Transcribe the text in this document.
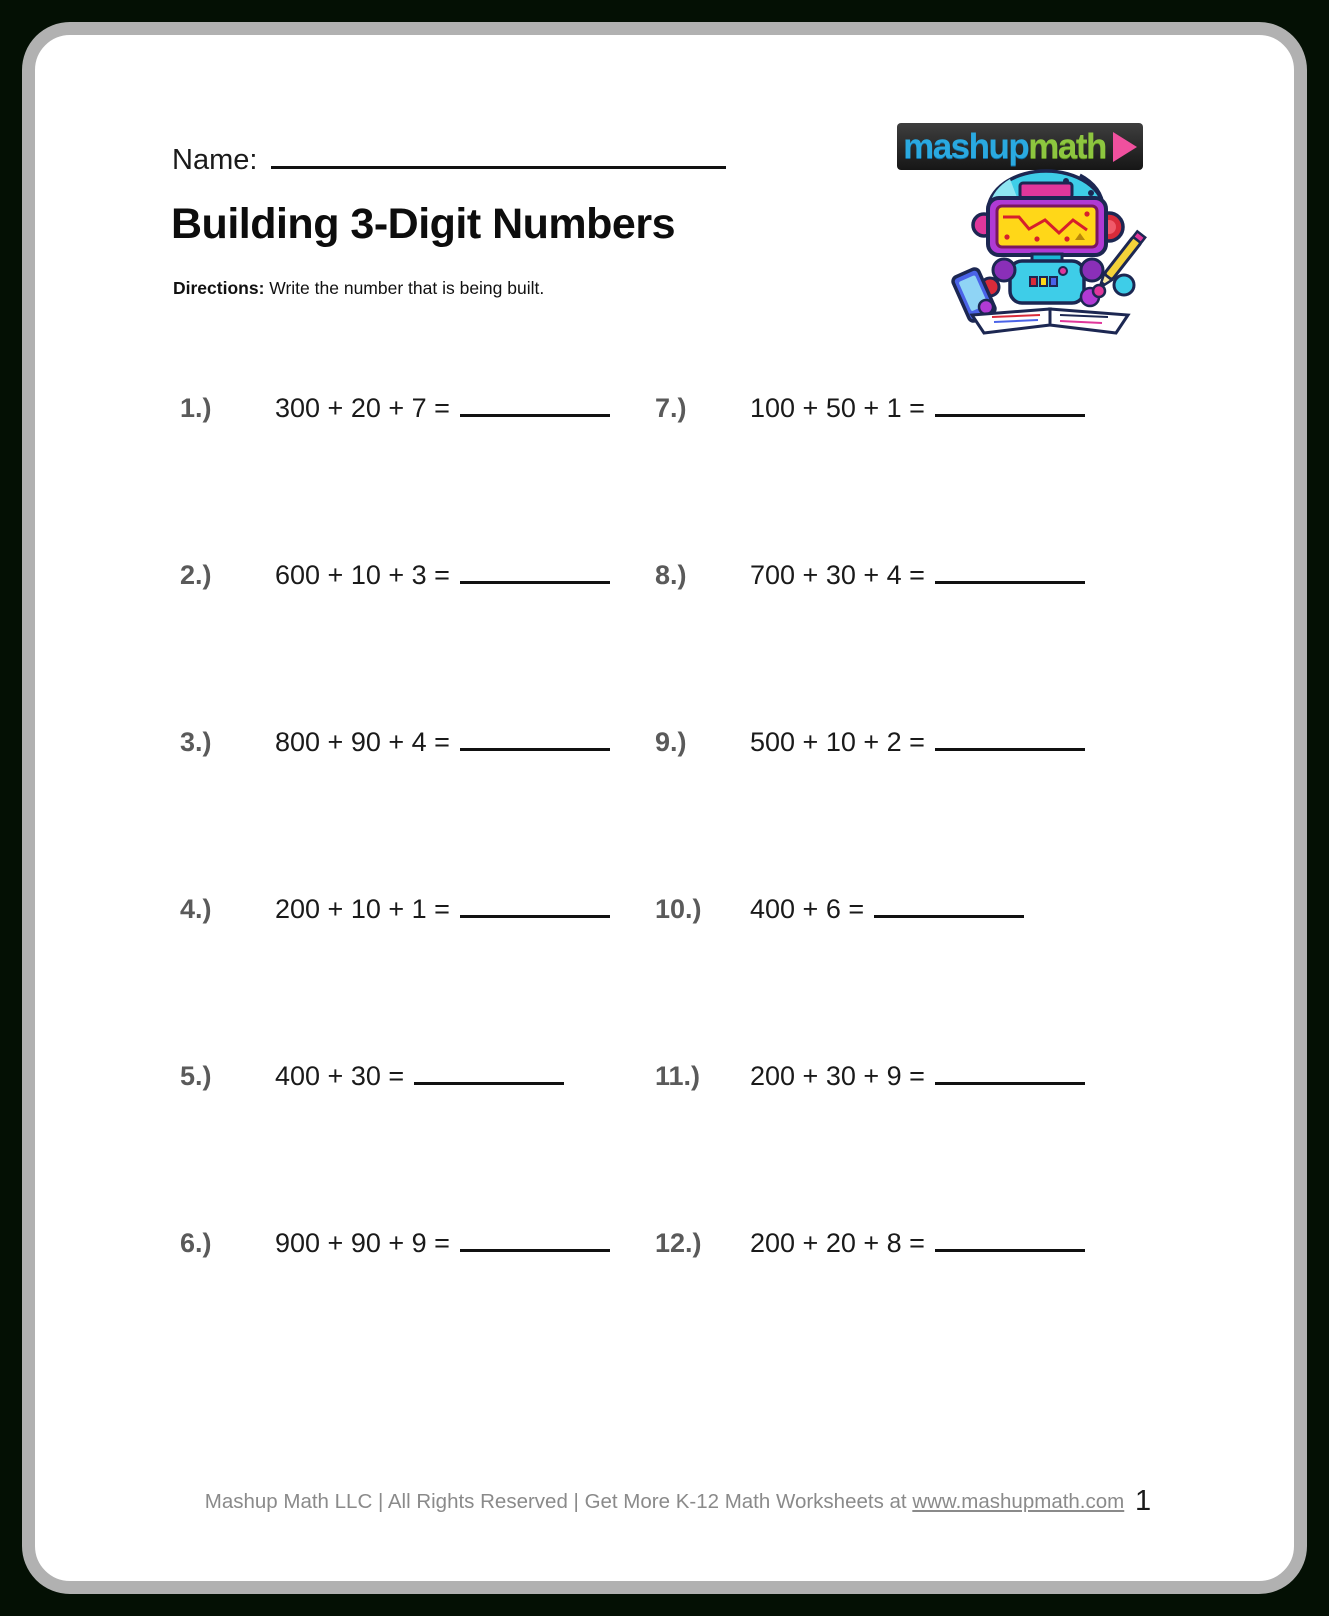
Name:	mashup math
Building 3-Digit Numbers
Directions: Write the number that is being built.
1.)	300 + 20 + 7 =
2.)	600 + 10 + 3 =
3.)	800 + 90 + 4 =
4.)	200 + 10 + 1 =
5.)	400 + 30 =
6.)	900 + 90 + 9 =
7.)	100 + 50 + 1 =
8.)	700 + 30 + 4 =
9.)	500 + 10 + 2 =
10.)	400 + 6 =
11.)	200 + 30 + 9 =
12.)	200 + 20 + 8 =
Mashup Math LLC | All Rights Reserved | Get More K-12 Math Worksheets at www.mashupmath.com 1
